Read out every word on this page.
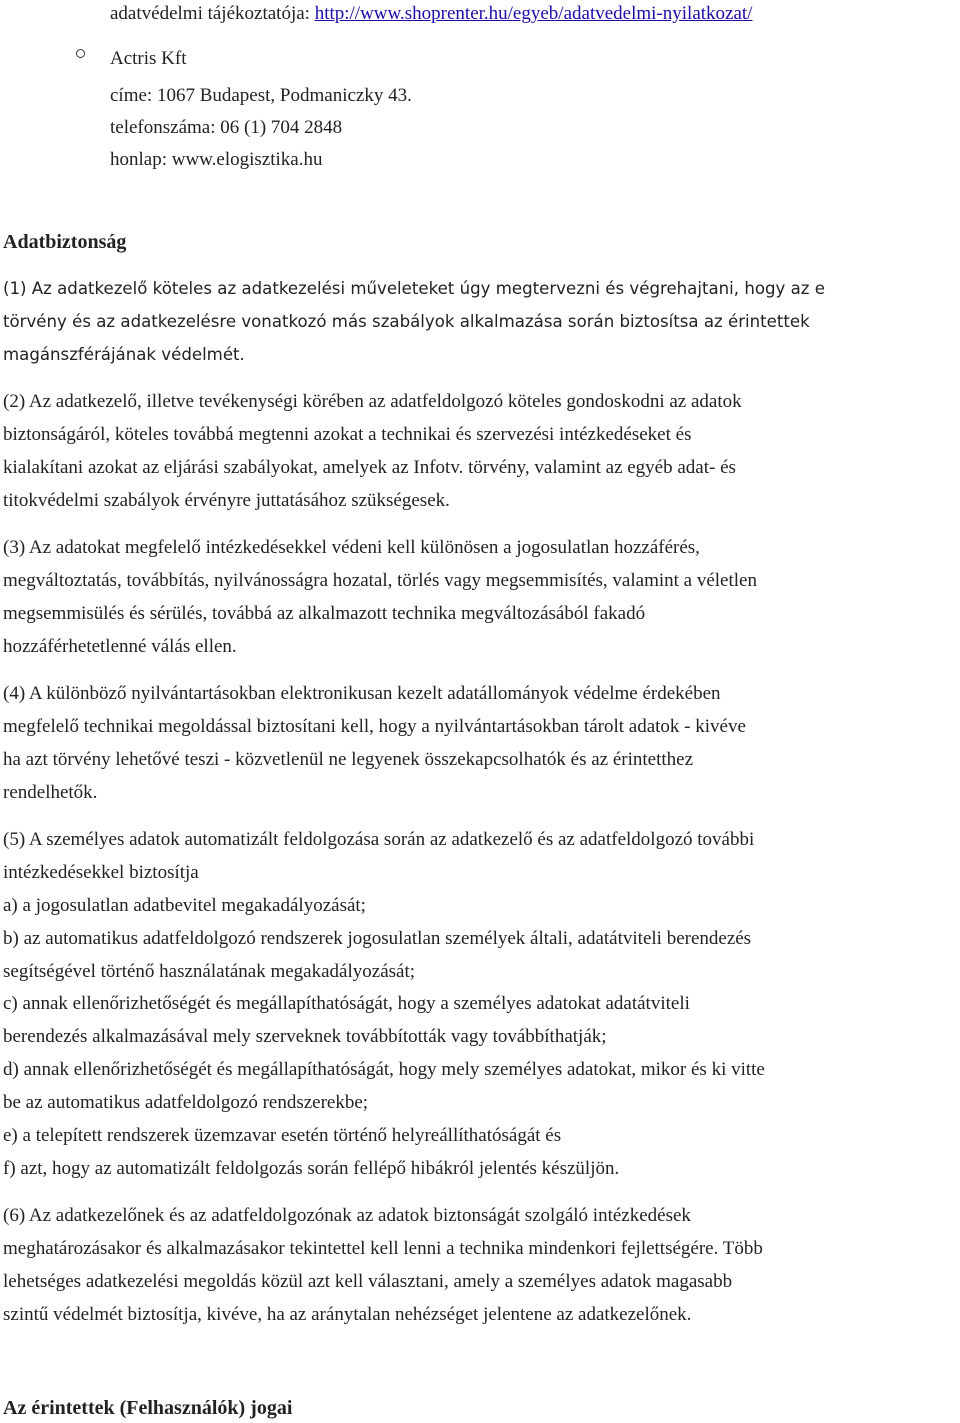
adatvédelmi tájékoztatója: http://www.shoprenter.hu/egyeb/adatvedelmi-nyilatkozat/
Actris Kft
címe: 1067 Budapest, Podmaniczky 43.
telefonszáma: 06 (1) 704 2848
honlap: www.elogisztika.hu
Adatbiztonság
(1) Az adatkezelő köteles az adatkezelési műveleteket úgy megtervezni és végrehajtani, hogy az e
törvény és az adatkezelésre vonatkozó más szabályok alkalmazása során biztosítsa az érintettek
magánszférájának védelmét.
(2) Az adatkezelő, illetve tevékenységi körében az adatfeldolgozó köteles gondoskodni az adatok
biztonságáról, köteles továbbá megtenni azokat a technikai és szervezési intézkedéseket és
kialakítani azokat az eljárási szabályokat, amelyek az Infotv. törvény, valamint az egyéb adat- és
titokvédelmi szabályok érvényre juttatásához szükségesek.
(3) Az adatokat megfelelő intézkedésekkel védeni kell különösen a jogosulatlan hozzáférés,
megváltoztatás, továbbítás, nyilvánosságra hozatal, törlés vagy megsemmisítés, valamint a véletlen
megsemmisülés és sérülés, továbbá az alkalmazott technika megváltozásából fakadó
hozzáférhetetlenné válás ellen.
(4) A különböző nyilvántartásokban elektronikusan kezelt adatállományok védelme érdekében
megfelelő technikai megoldással biztosítani kell, hogy a nyilvántartásokban tárolt adatok - kivéve
ha azt törvény lehetővé teszi - közvetlenül ne legyenek összekapcsolhatók és az érintetthez
rendelhetők.
(5) A személyes adatok automatizált feldolgozása során az adatkezelő és az adatfeldolgozó további
intézkedésekkel biztosítja
a) a jogosulatlan adatbevitel megakadályozását;
b) az automatikus adatfeldolgozó rendszerek jogosulatlan személyek általi, adatátviteli berendezés
segítségével történő használatának megakadályozását;
c) annak ellenőrizhetőségét és megállapíthatóságát, hogy a személyes adatokat adatátviteli
berendezés alkalmazásával mely szerveknek továbbították vagy továbbíthatják;
d) annak ellenőrizhetőségét és megállapíthatóságát, hogy mely személyes adatokat, mikor és ki vitte
be az automatikus adatfeldolgozó rendszerekbe;
e) a telepített rendszerek üzemzavar esetén történő helyreállíthatóságát és
f) azt, hogy az automatizált feldolgozás során fellépő hibákról jelentés készüljön.
(6) Az adatkezelőnek és az adatfeldolgozónak az adatok biztonságát szolgáló intézkedések
meghatározásakor és alkalmazásakor tekintettel kell lenni a technika mindenkori fejlettségére. Több
lehetséges adatkezelési megoldás közül azt kell választani, amely a személyes adatok magasabb
szintű védelmét biztosítja, kivéve, ha az aránytalan nehézséget jelentene az adatkezelőnek.
Az érintettek (Felhasználók) jogai
